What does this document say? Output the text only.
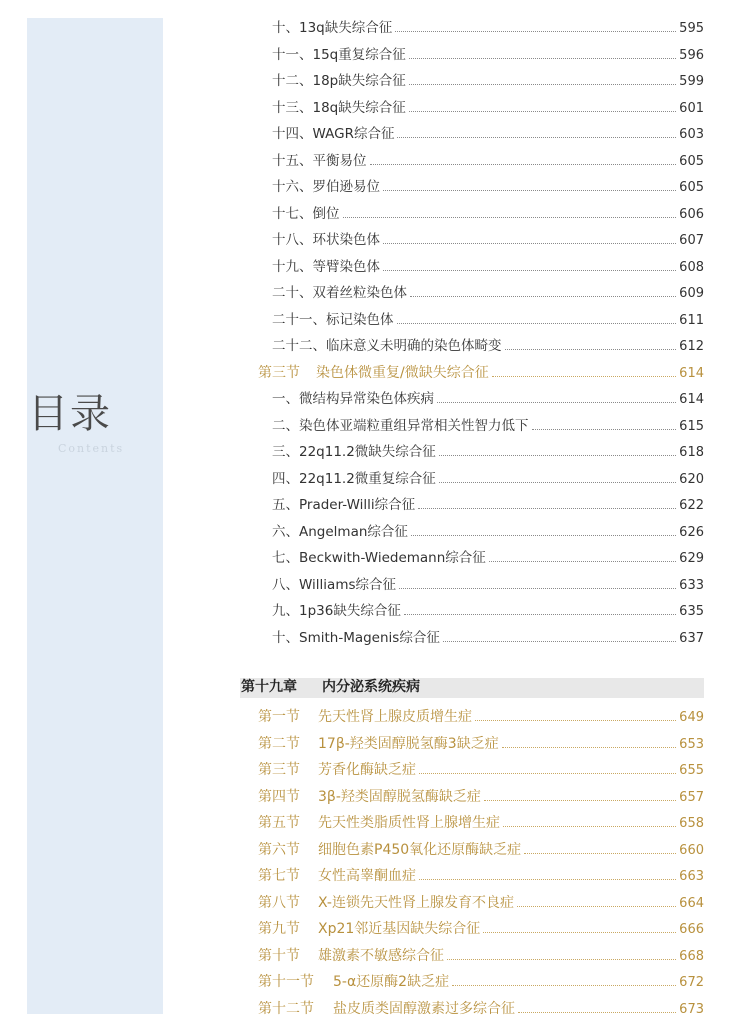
目录
Contents
十、 13q缺失综合征	595
十一、 15q重复综合征	596
十二、 18p缺失综合征	599
十三、 18q缺失综合征	601
十四、 WAGR综合征	603
十五、 平衡易位	605
十六、 罗伯逊易位	605
十七、 倒位	606
十八、 环状染色体	607
十九、 等臂染色体	608
二十、 双着丝粒染色体	609
二十一、 标记染色体	611
二十二、 临床意义未明确的染色体畸变	612
第三节	染色体微重复/微缺失综合征	614
一、 微结构异常染色体疾病	614
二、 染色体亚端粒重组异常相关性智力低下	615
三、 22q11.2微缺失综合征	618
四、 22q11.2微重复综合征	620
五、 Prader-Willi综合征	622
六、 Angelman综合征	626
七、 Beckwith-Wiedemann综合征	629
八、 Williams综合征	633
九、 1p36缺失综合征	635
十、 Smith-Magenis综合征	637
第十九章 内分泌系统疾病
第一节	先天性肾上腺皮质增生症	649
第二节	17β-羟类固醇脱氢酶3缺乏症	653
第三节	芳香化酶缺乏症	655
第四节	3β-羟类固醇脱氢酶缺乏症	657
第五节	先天性类脂质性肾上腺增生症	658
第六节	细胞色素P450氧化还原酶缺乏症	660
第七节	女性高睾酮血症	663
第八节	X-连锁先天性肾上腺发育不良症	664
第九节	Xp21邻近基因缺失综合征	666
第十节	雄激素不敏感综合征	668
第十一节	5-α还原酶2缺乏症	672
第十二节	盐皮质类固醇激素过多综合征	673
